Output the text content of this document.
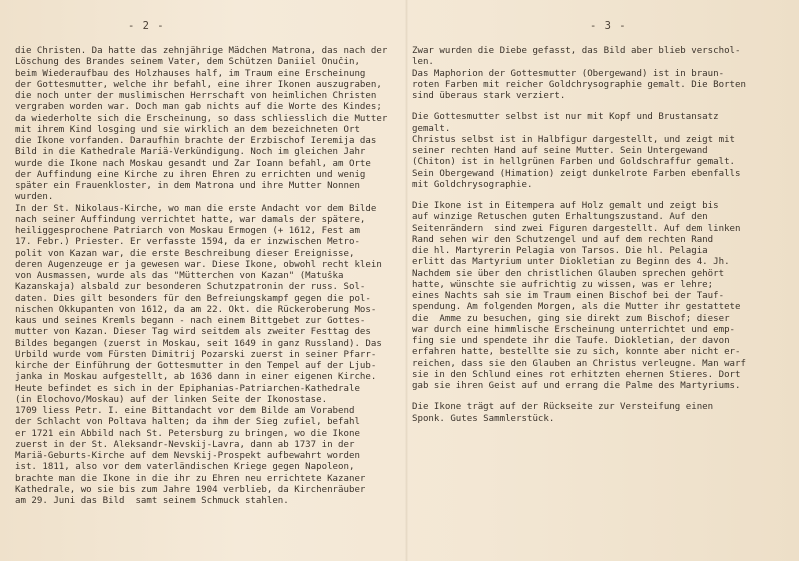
- 2 -	- 3 -
die Christen. Da hatte das zehnjährige Mädchen Matrona, das nach der
Löschung des Brandes seinem Vater, dem Schützen Daniiel Onučin,
beim Wiederaufbau des Holzhauses half, im Traum eine Erscheinung
der Gottesmutter, welche ihr befahl, eine ihrer Ikonen auszugraben,
die noch unter der muslimischen Herrschaft von heimlichen Christen
vergraben worden war. Doch man gab nichts auf die Worte des Kindes;
da wiederholte sich die Erscheinung, so dass schliesslich die Mutter
mit ihrem Kind losging und sie wirklich an dem bezeichneten Ort
die Ikone vorfanden. Daraufhin brachte der Erzbischof Ieremija das
Bild in die Kathedrale Mariä-Verkündigung. Noch im gleichen Jahr
wurde die Ikone nach Moskau gesandt und Zar Ioann befahl, am Orte
der Auffindung eine Kirche zu ihren Ehren zu errichten und wenig
später ein Frauenkloster, in dem Matrona und ihre Mutter Nonnen
wurden.
In der St. Nikolaus-Kirche, wo man die erste Andacht vor dem Bilde
nach seiner Auffindung verrichtet hatte, war damals der spätere,
heiliggesprochene Patriarch von Moskau Ermogen (+ 1612, Fest am
17. Febr.) Priester. Er verfasste 1594, da er inzwischen Metro-
polit von Kazan war, die erste Beschreibung dieser Ereignisse,
deren Augenzeuge er ja gewesen war. Diese Ikone, obwohl recht klein
von Ausmassen, wurde als das "Mütterchen von Kazan" (Matuška
Kazanskaja) alsbald zur besonderen Schutzpatronin der russ. Sol-
daten. Dies gilt besonders für den Befreiungskampf gegen die pol-
nischen Okkupanten von 1612, da am 22. Okt. die Rückeroberung Mos-
kaus und seines Kremls begann - nach einem Bittgebet zur Gottes-
mutter von Kazan. Dieser Tag wird seitdem als zweiter Festtag des
Bildes begangen (zuerst in Moskau, seit 1649 in ganz Russland). Das
Urbild wurde vom Fürsten Dimitrij Pozarski zuerst in seiner Pfarr-
kirche der Einführung der Gottesmutter in den Tempel auf der Ljub-
janka in Moskau aufgestellt, ab 1636 dann in einer eigenen Kirche.
Heute befindet es sich in der Epiphanias-Patriarchen-Kathedrale
(in Elochovo/Moskau) auf der linken Seite der Ikonostase.
1709 liess Petr. I. eine Bittandacht vor dem Bilde am Vorabend
der Schlacht von Poltava halten; da ihm der Sieg zufiel, befahl
er 1721 ein Abbild nach St. Petersburg zu bringen, wo die Ikone
zuerst in der St. Aleksandr-Nevskij-Lavra, dann ab 1737 in der
Mariä-Geburts-Kirche auf dem Nevskij-Prospekt aufbewahrt worden
ist. 1811, also vor dem vaterländischen Kriege gegen Napoleon,
brachte man die Ikone in die ihr zu Ehren neu errichtete Kazaner
Kathedrale, wo sie bis zum Jahre 1904 verblieb, da Kirchenräuber
am 29. Juni das Bild  samt seinem Schmuck stahlen.
Zwar wurden die Diebe gefasst, das Bild aber blieb verschol-
len.
Das Maphorion der Gottesmutter (Obergewand) ist in braun-
roten Farben mit reicher Goldchrysographie gemalt. Die Borten
sind überaus stark verziert.
Die Gottesmutter selbst ist nur mit Kopf und Brustansatz
gemalt.
Christus selbst ist in Halbfigur dargestellt, und zeigt mit
seiner rechten Hand auf seine Mutter. Sein Untergewand
(Chiton) ist in hellgrünen Farben und Goldschraffur gemalt.
Sein Obergewand (Himation) zeigt dunkelrote Farben ebenfalls
mit Goldchrysographie.
Die Ikone ist in Eitempera auf Holz gemalt und zeigt bis
auf winzige Retuschen guten Erhaltungszustand. Auf den
Seitenrändern  sind zwei Figuren dargestellt. Auf dem linken
Rand sehen wir den Schutzengel und auf dem rechten Rand
die hl. Martyrerin Pelagia von Tarsos. Die hl. Pelagia
erlitt das Martyrium unter Diokletian zu Beginn des 4. Jh.
Nachdem sie über den christlichen Glauben sprechen gehört
hatte, wünschte sie aufrichtig zu wissen, was er lehre;
eines Nachts sah sie im Traum einen Bischof bei der Tauf-
spendung. Am folgenden Morgen, als die Mutter ihr gestattete
die  Amme zu besuchen, ging sie direkt zum Bischof; dieser
war durch eine himmlische Erscheinung unterrichtet und emp-
fing sie und spendete ihr die Taufe. Diokletian, der davon
erfahren hatte, bestellte sie zu sich, konnte aber nicht er-
reichen, dass sie den Glauben an Christus verleugne. Man warf
sie in den Schlund eines rot erhitzten ehernen Stieres. Dort
gab sie ihren Geist auf und errang die Palme des Martyriums.
Die Ikone trägt auf der Rückseite zur Versteifung einen
Sponk. Gutes Sammlerstück.
